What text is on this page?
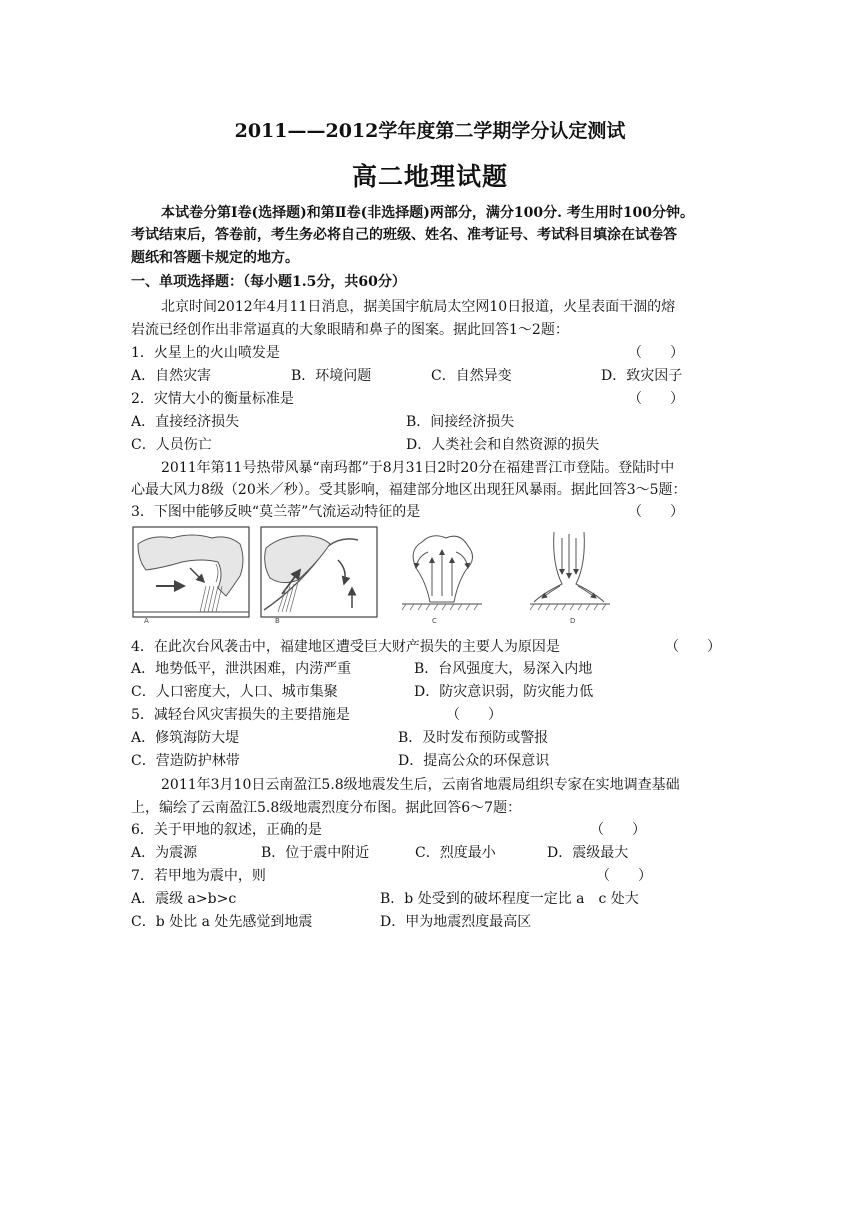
2011——2012学年度第二学期学分认定测试
高二地理试题
本试卷分第Ⅰ卷(选择题)和第Ⅱ卷(非选择题)两部分，满分100分. 考生用时100分钟。
考试结束后，答卷前，考生务必将自己的班级、姓名、准考证号、考试科目填涂在试卷答
题纸和答题卡规定的地方。
一、单项选择题：（每小题1.5分，共60分）
北京时间2012年4月11日消息，据美国宇航局太空网10日报道，火星表面干涸的熔
岩流已经创作出非常逼真的大象眼睛和鼻子的图案。据此回答1～2题：
1．火星上的火山喷发是	（　　）
A．自然灾害	B．环境问题	C．自然异变	D．致灾因子
2．灾情大小的衡量标准是	（　　）
A．直接经济损失	B．间接经济损失
C．人员伤亡	D．人类社会和自然资源的损失
2011年第11号热带风暴“南玛都”于8月31日2时20分在福建晋江市登陆。登陆时中
心最大风力8级（20米／秒）。受其影响，福建部分地区出现狂风暴雨。据此回答3～5题：
3．下图中能够反映“莫兰蒂”气流运动特征的是	（　　）
A	B	C	D
4．在此次台风袭击中，福建地区遭受巨大财产损失的主要人为原因是	（　　）
A．地势低平，泄洪困难，内涝严重	B．台风强度大，易深入内地
C．人口密度大，人口、城市集聚	D．防灾意识弱，防灾能力低
5．减轻台风灾害损失的主要措施是	（　　）
A．修筑海防大堤	B．及时发布预防或警报
C．营造防护林带	D．提高公众的环保意识
2011年3月10日云南盈江5.8级地震发生后，云南省地震局组织专家在实地调查基础
上，编绘了云南盈江5.8级地震烈度分布图。据此回答6～7题：
6．关于甲地的叙述，正确的是	（　　）
A．为震源	B．位于震中附近	C．烈度最小	D．震级最大
7．若甲地为震中，则	（　　）
A．震级 a>b>c	B．b 处受到的破坏程度一定比 a　c 处大
C．b 处比 a 处先感觉到地震	D．甲为地震烈度最高区
